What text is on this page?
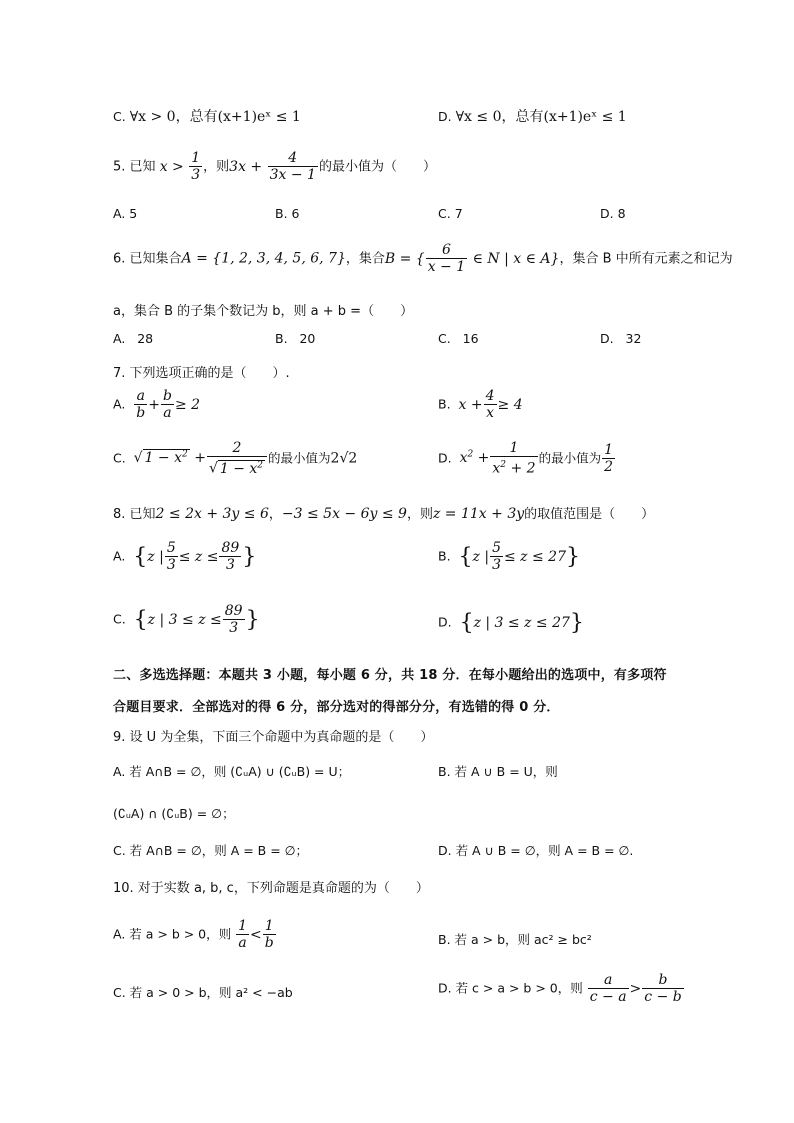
C. ∀x > 0，总有(x+1)eˣ ≤ 1	D. ∀x ≤ 0，总有(x+1)eˣ ≤ 1
5. 已知 $x > \frac{1}{3}$ ，则$3x + \frac{4}{3x - 1}$ 的最小值为（　　）
A. 5	B. 6	C. 7	D. 8
6. 已知集合A = {1, 2, 3, 4, 5, 6, 7}，集合B = { $\frac{6}{x - 1}$ ∈ N | x ∈ A}，集合 B 中所有元素之和记为
a，集合 B 的子集个数记为 b，则 a + b =（　　）
A. 28	B. 20	C. 16	D. 32
7. 下列选项正确的是（　　）.
A. $\frac{a}{b} + \frac{b}{a} \ge 2$	B. $x + \frac{4}{x} \ge 4$
C. √ $1 - x^2 + \frac{2}{√ 1 - x^2}$ 的最小值为2√2	D. $x^2 + \frac{1}{x^2 + 2}$ 的最小值为 $\frac{1}{2}$
8. 已知2 ≤ 2x + 3y ≤ 6，−3 ≤ 5x − 6y ≤ 9，则z = 11x + 3y的取值范围是（　　）
A. {z | $\frac{5}{3} \le z \le \frac{89}{3}$ }	B. {z | $\frac{5}{3} \le z \le 27$}
C. {z | $3 \le z \le \frac{89}{3}$ }	D. {z | 3 ≤ z ≤ 27}
二、多选选择题：本题共 3 小题，每小题 6 分，共 18 分．在每小题给出的选项中，有多项符
合题目要求．全部选对的得 6 分，部分选对的得部分分，有选错的得 0 分．
9. 设 U 为全集，下面三个命题中为真命题的是（　　）
A. 若 A∩B = ∅，则 (∁ᵤA) ∪ (∁ᵤB) = U；	B. 若 A ∪ B = U，则
(∁ᵤA) ∩ (∁ᵤB) = ∅；
C. 若 A∩B = ∅，则 A = B = ∅；	D. 若 A ∪ B = ∅，则 A = B = ∅.
10. 对于实数 a, b, c，下列命题是真命题的为（　　）
A. 若 a > b > 0，则 $\frac{1}{a} < \frac{1}{b}$	B. 若 a > b，则 ac² ≥ bc²
C. 若 a > 0 > b，则 a² < −ab	D. 若 c > a > b > 0，则 $\frac{a}{c - a} > \frac{b}{c - b}$
